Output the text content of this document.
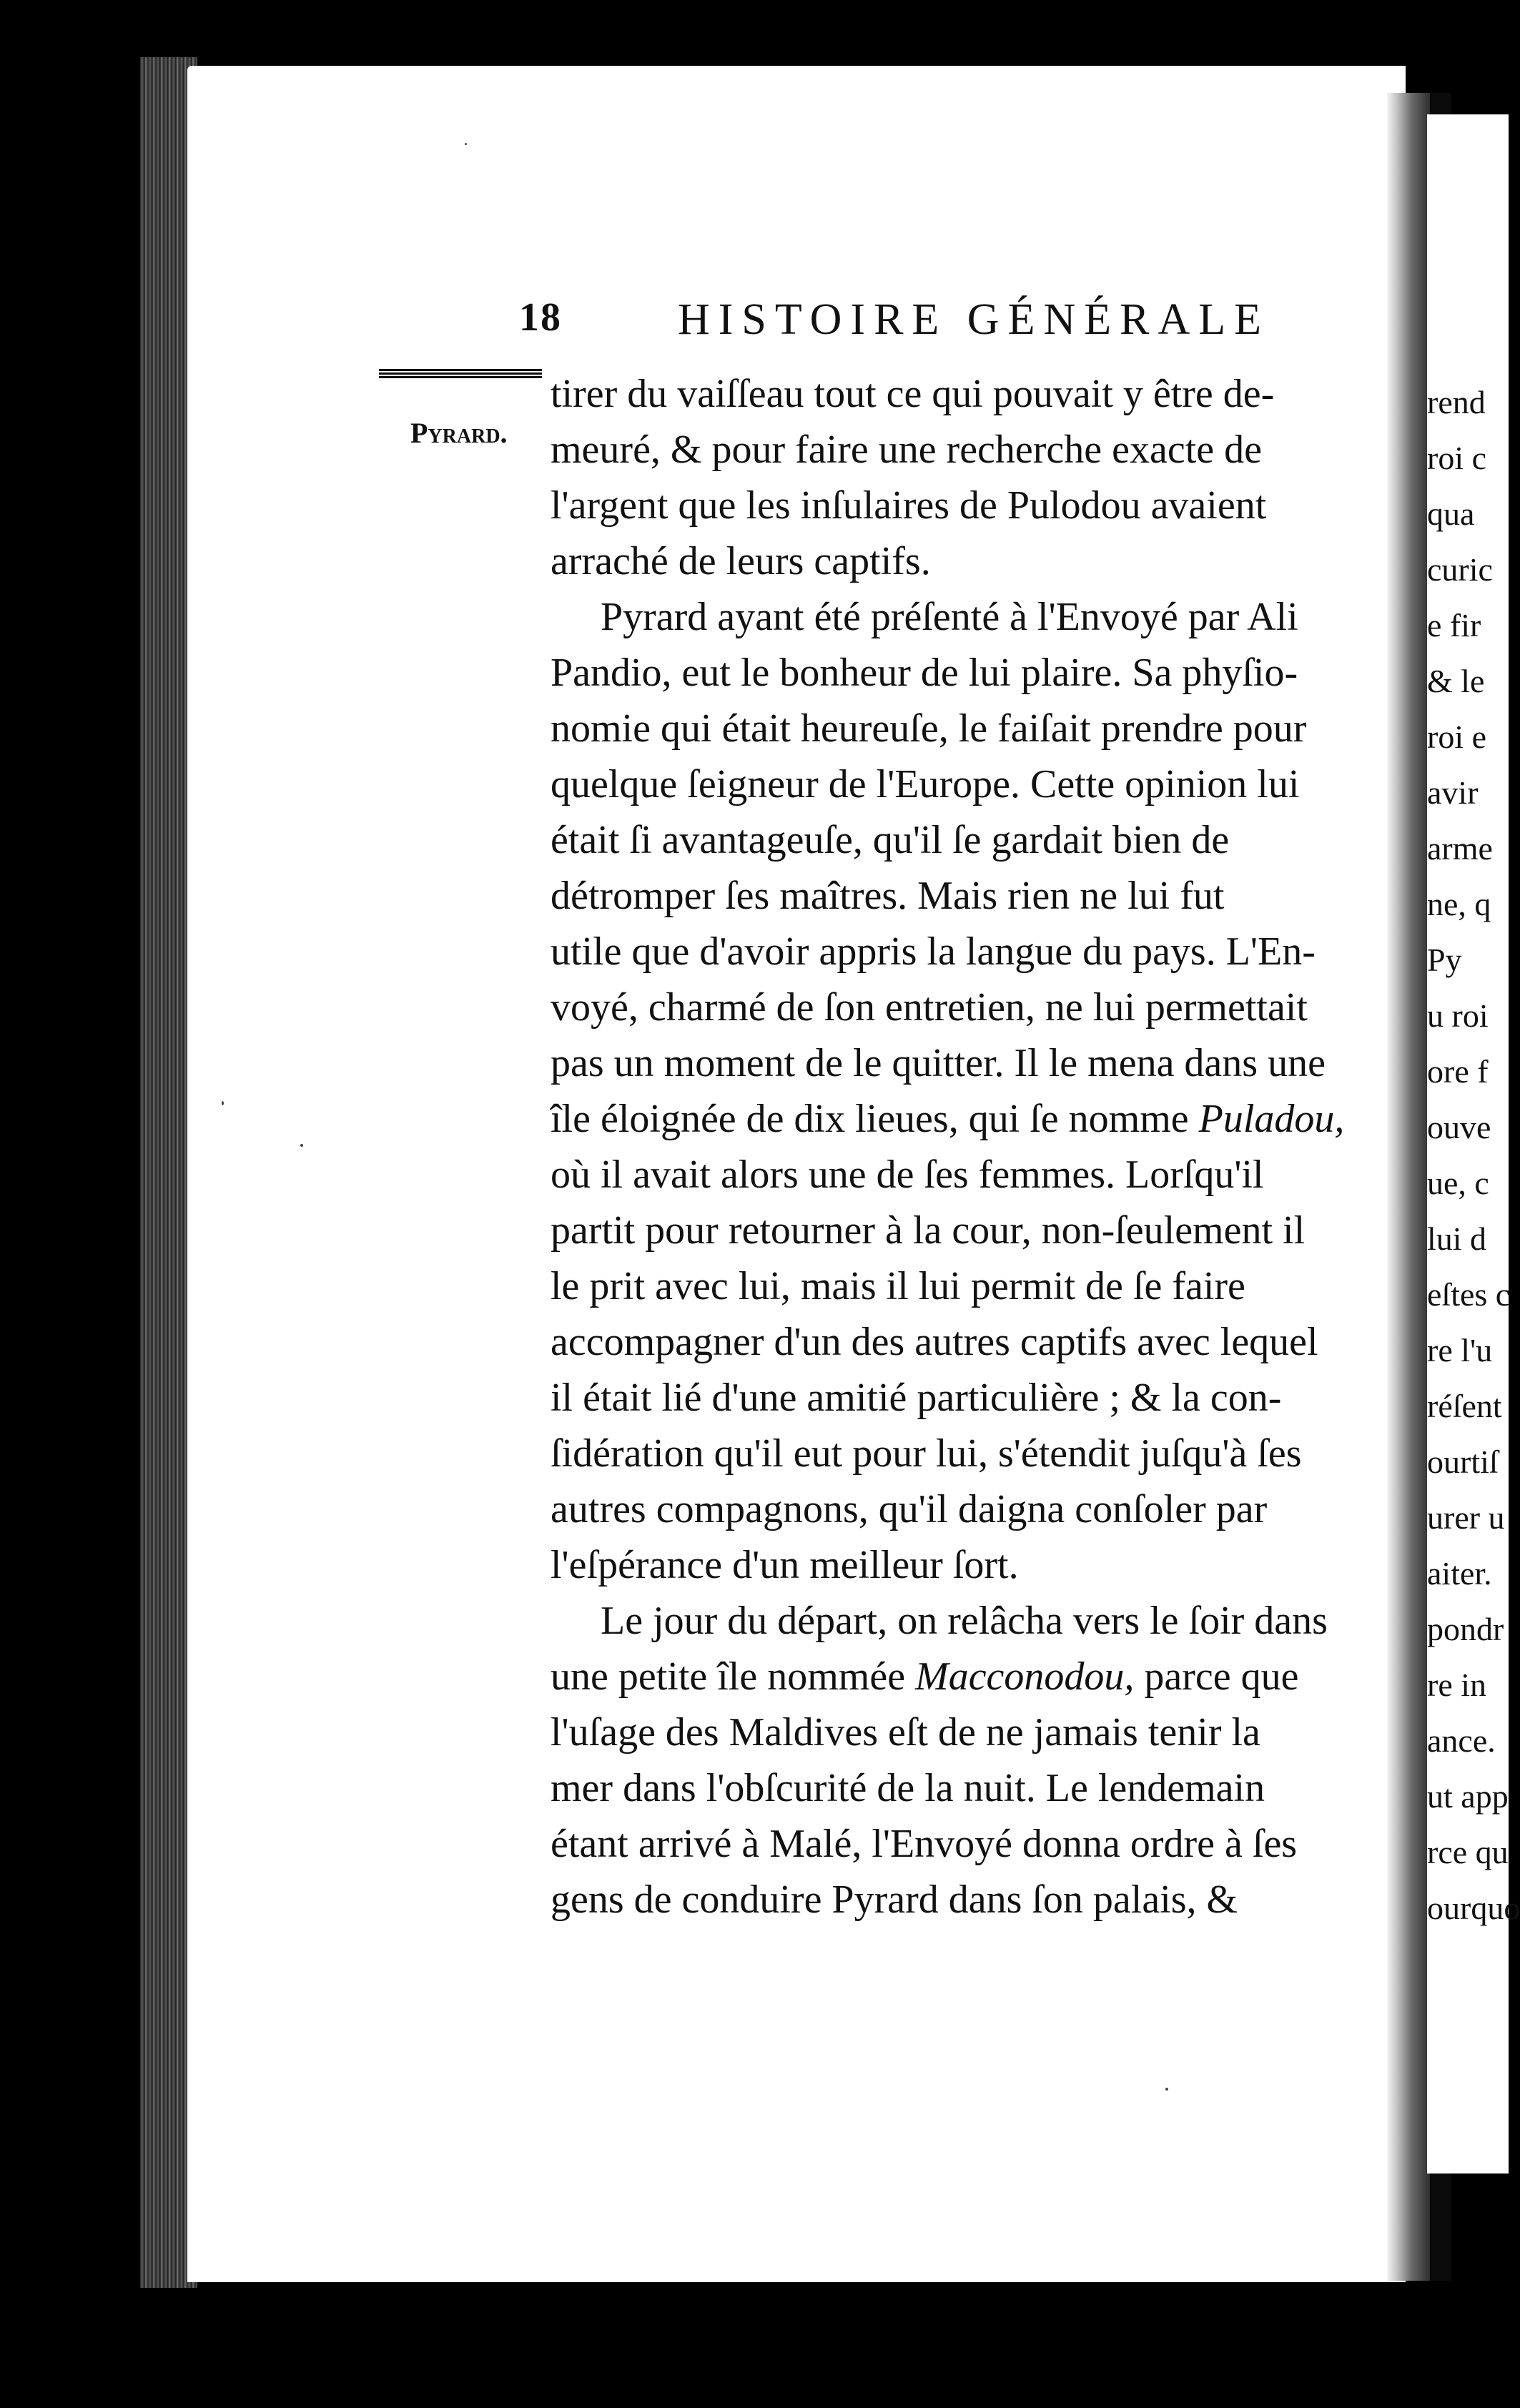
rend
roi c
qua
curic
e fir
& le
roi e
avir
arme
ne, q
Py
u roi
ore f
ouve
ue, c
lui d
eſtes c
re l'u
réſent
ourtiſ
urer u
aiter.
pondr
re in
ance.
ut app
rce qu
ourquo
18	HISTOIRE GÉNÉRALE
Pyrard.
tirer du vaiſſeau tout ce qui pouvait y être de-
meuré, & pour faire une recherche exacte de
l'argent que les inſulaires de Pulodou avaient
arraché de leurs captifs.
Pyrard ayant été préſenté à l'Envoyé par Ali
Pandio, eut le bonheur de lui plaire. Sa phyſio-
nomie qui était heureuſe, le faiſait prendre pour
quelque ſeigneur de l'Europe. Cette opinion lui
était ſi avantageuſe, qu'il ſe gardait bien de
détromper ſes maîtres. Mais rien ne lui fut
utile que d'avoir appris la langue du pays. L'En-
voyé, charmé de ſon entretien, ne lui permettait
pas un moment de le quitter. Il le mena dans une
île éloignée de dix lieues, qui ſe nomme Puladou,
où il avait alors une de ſes femmes. Lorſqu'il
partit pour retourner à la cour, non-ſeulement il
le prit avec lui, mais il lui permit de ſe faire
accompagner d'un des autres captifs avec lequel
il était lié d'une amitié particulière ; & la con-
ſidération qu'il eut pour lui, s'étendit juſqu'à ſes
autres compagnons, qu'il daigna conſoler par
l'eſpérance d'un meilleur ſort.
Le jour du départ, on relâcha vers le ſoir dans
une petite île nommée Macconodou, parce que
l'uſage des Maldives eſt de ne jamais tenir la
mer dans l'obſcurité de la nuit. Le lendemain
étant arrivé à Malé, l'Envoyé donna ordre à ſes
gens de conduire Pyrard dans ſon palais, &
